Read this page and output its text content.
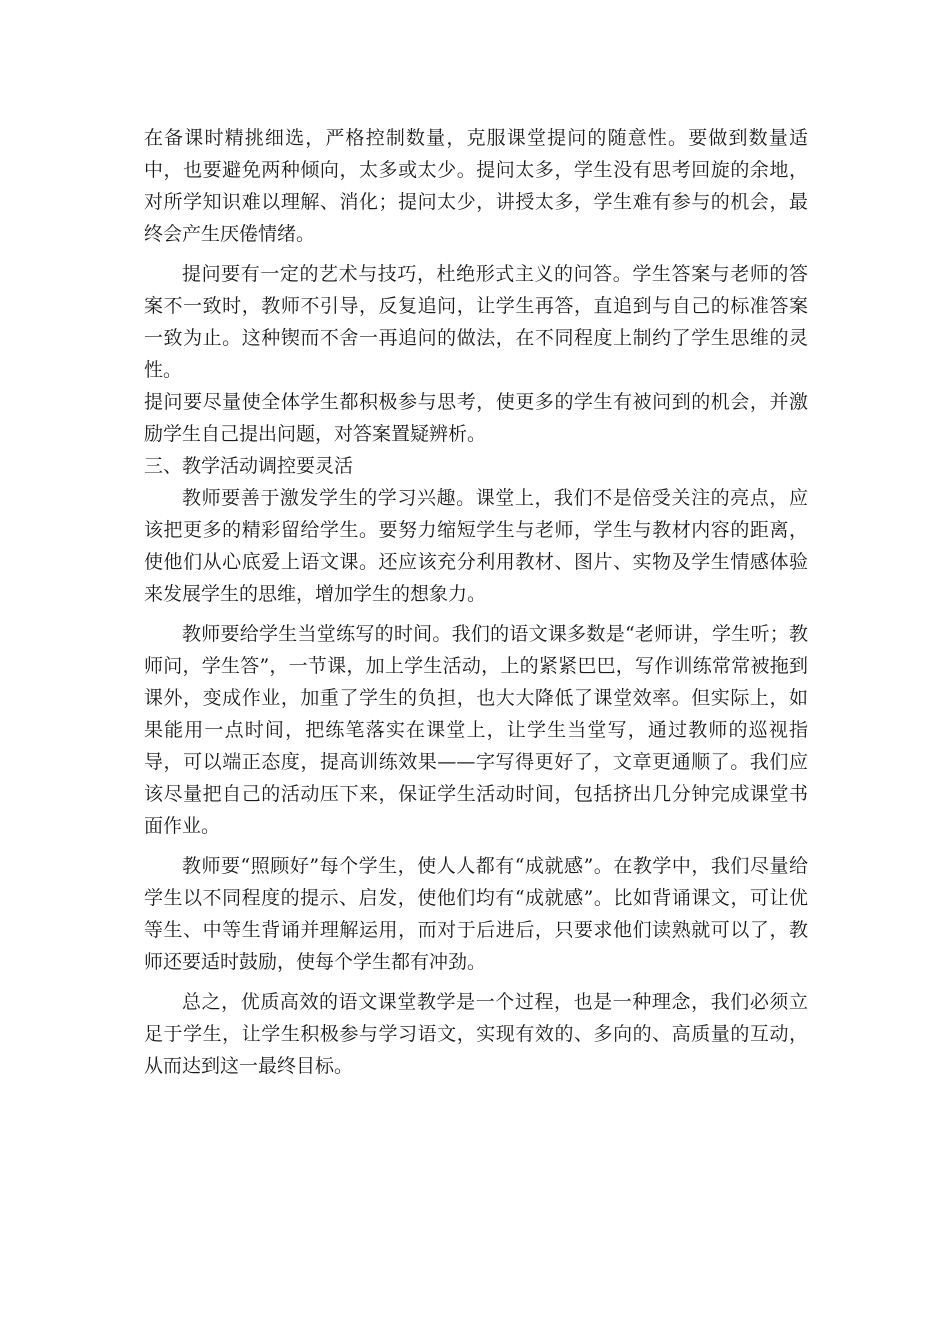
在备课时精挑细选，严格控制数量，克服课堂提问的随意性。要做到数量适中，也要避免两种倾向，太多或太少。提问太多，学生没有思考回旋的余地，对所学知识难以理解、消化；提问太少，讲授太多，学生难有参与的机会，最终会产生厌倦情绪。

提问要有一定的艺术与技巧，杜绝形式主义的问答。学生答案与老师的答案不一致时，教师不引导，反复追问，让学生再答，直追到与自己的标准答案一致为止。这种锲而不舍一再追问的做法，在不同程度上制约了学生思维的灵性。

提问要尽量使全体学生都积极参与思考，使更多的学生有被问到的机会，并激励学生自己提出问题，对答案置疑辨析。

三、教学活动调控要灵活

教师要善于激发学生的学习兴趣。课堂上，我们不是倍受关注的亮点，应该把更多的精彩留给学生。要努力缩短学生与老师，学生与教材内容的距离，使他们从心底爱上语文课。还应该充分利用教材、图片、实物及学生情感体验来发展学生的思维，增加学生的想象力。

教师要给学生当堂练写的时间。我们的语文课多数是“老师讲，学生听；教师问，学生答”，一节课，加上学生活动，上的紧紧巴巴，写作训练常常被拖到课外，变成作业，加重了学生的负担，也大大降低了课堂效率。但实际上，如果能用一点时间，把练笔落实在课堂上，让学生当堂写，通过教师的巡视指导，可以端正态度，提高训练效果——字写得更好了，文章更通顺了。我们应该尽量把自己的活动压下来，保证学生活动时间，包括挤出几分钟完成课堂书面作业。

教师要“照顾好”每个学生，使人人都有“成就感”。在教学中，我们尽量给学生以不同程度的提示、启发，使他们均有“成就感”。比如背诵课文，可让优等生、中等生背诵并理解运用，而对于后进后，只要求他们读熟就可以了，教师还要适时鼓励，使每个学生都有冲劲。

总之，优质高效的语文课堂教学是一个过程，也是一种理念，我们必须立足于学生，让学生积极参与学习语文，实现有效的、多向的、高质量的互动，从而达到这一最终目标。
